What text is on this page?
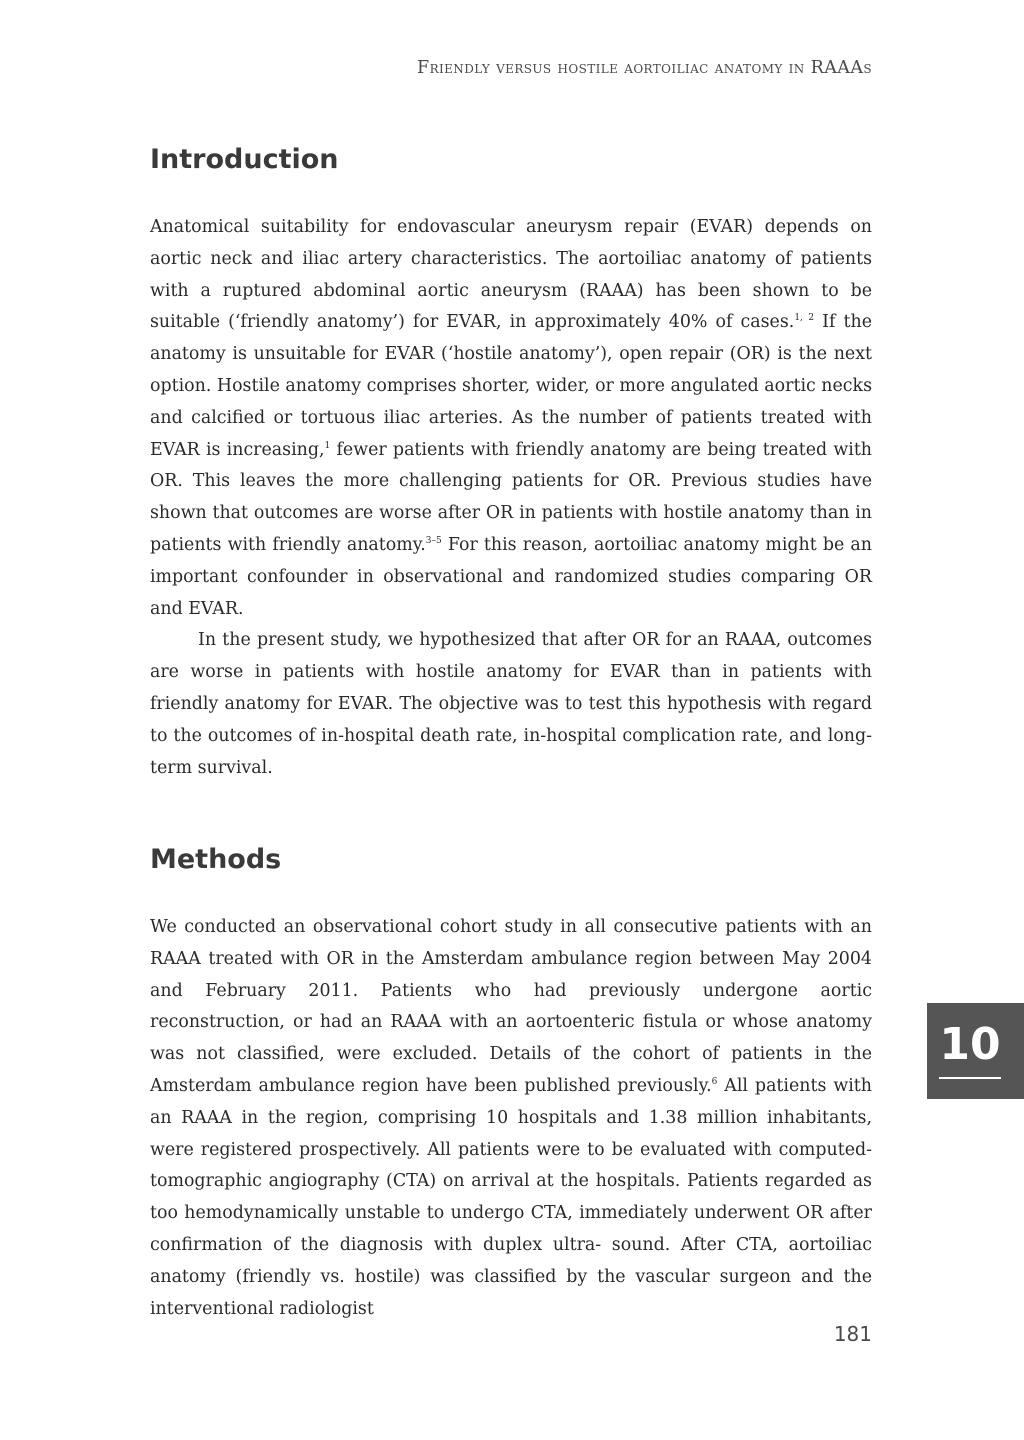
Friendly versus hostile aortoiliac anatomy in RAAAs
Introduction

Anatomical suitability for endovascular aneurysm repair (EVAR) depends on aortic neck and iliac artery characteristics. The aortoiliac anatomy of patients with a ruptured abdominal aortic aneurysm (RAAA) has been shown to be suitable (‘friendly anatomy’) for EVAR, in approximately 40% of cases.$^{1, 2}$ If the anatomy is unsuitable for EVAR (‘hostile anatomy’), open repair (OR) is the next option. Hostile anatomy comprises shorter, wider, or more angulated aortic necks and calcified or tortuous iliac arteries. As the number of patients treated with EVAR is increasing,$^1$ fewer patients with friendly anatomy are being treated with OR. This leaves the more challenging patients for OR. Previous studies have shown that outcomes are worse after OR in patients with hostile anatomy than in patients with friendly anatomy.$^{3-5}$ For this reason, aortoiliac anatomy might be an important confounder in observational and randomized studies comparing OR and EVAR.

In the present study, we hypothesized that after OR for an RAAA, outcomes are worse in patients with hostile anatomy for EVAR than in patients with friendly anatomy for EVAR. The objective was to test this hypothesis with regard to the outcomes of in-hospital death rate, in-hospital complication rate, and long-term survival.

Methods

We conducted an observational cohort study in all consecutive patients with an RAAA treated with OR in the Amsterdam ambulance region between May 2004 and February 2011. Patients who had previously undergone aortic reconstruction, or had an RAAA with an aortoenteric fistula or whose anatomy was not classified, were excluded. Details of the cohort of patients in the Amsterdam ambulance region have been published previously.$^6$ All patients with an RAAA in the region, comprising 10 hospitals and 1.38 million inhabitants, were registered prospectively. All patients were to be evaluated with computed-tomographic angiography (CTA) on arrival at the hospitals. Patients regarded as too hemodynamically unstable to undergo CTA, immediately underwent OR after confirmation of the diagnosis with duplex ultra- sound. After CTA, aortoiliac anatomy (friendly vs. hostile) was classified by the vascular surgeon and the interventional radiologist

10
181
